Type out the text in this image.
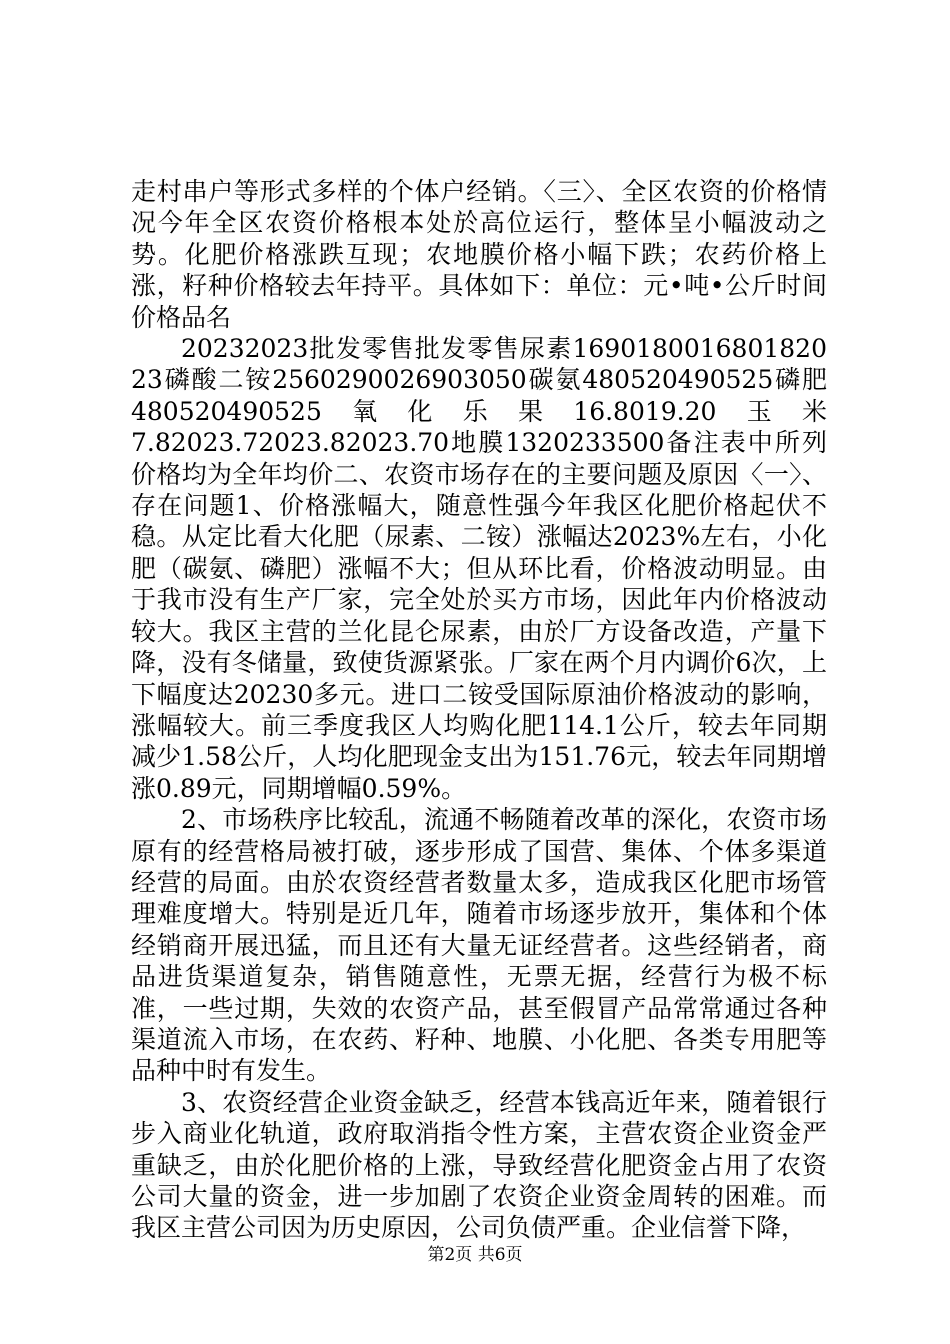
走村串户等形式多样的个体户经销。〈三〉、全区农资的价格情况今年全区农资价格根本处於高位运行，整体呈小幅波动之势。化肥价格涨跌互现；农地膜价格小幅下跌；农药价格上涨，籽种价格较去年持平。具体如下：单位：元•吨•公斤时间价格品名

20232023批发零售批发零售尿素1690180016801820​23磷酸二铵2560290026903050碳氨480520490525磷肥480520490525氧化乐果16.8019.20玉米7.82023.72023.82023.70地膜1320233500备注表中所列价格均为全年均价二、农资市场存在的主要问题及原因〈一〉、存在问题1、价格涨幅大，随意性强今年我区化肥价格起伏不稳。从定比看大化肥（尿素、二铵）涨幅达2023%左右，小化肥（碳氨、磷肥）涨幅不大；但从环比看，价格波动明显。由于我市没有生产厂家，完全处於买方市场，因此年内价格波动较大。我区主营的兰化昆仑尿素，由於厂方设备改造，产量下降，没有冬储量，致使货源紧张。厂家在两个月内调价6次，上下幅度达20230多元。进口二铵受国际原油价格波动的影响，涨幅较大。前三季度我区人均购化肥114.1公斤，较去年同期减少1.58公斤，人均化肥现金支出为151.76元，较去年同期增涨0.89元，同期增幅0.59%。

2、市场秩序比较乱，流通不畅随着改革的深化，农资市场原有的经营格局被打破，逐步形成了国营、集体、个体多渠道经营的局面。由於农资经营者数量太多，造成我区化肥市场管理难度增大。特别是近几年，随着市场逐步放开，集体和个体经销商开展迅猛，而且还有大量无证经营者。这些经销者，商品进货渠道复杂，销售随意性，无票无据，经营行为极不标准，一些过期，失效的农资产品，甚至假冒产品常常通过各种渠道流入市场，在农药、籽种、地膜、小化肥、各类专用肥等品种中时有发生。

3、农资经营企业资金缺乏，经营本钱高近年来，随着银行步入商业化轨道，政府取消指令性方案，主营农资企业资金严重缺乏，由於化肥价格的上涨，导致经营化肥资金占用了农资公司大量的资金，进一步加剧了农资企业资金周转的困难。而我区主营公司因为历史原因，公司负债严重。企业信誉下降，

第2页 共6页
